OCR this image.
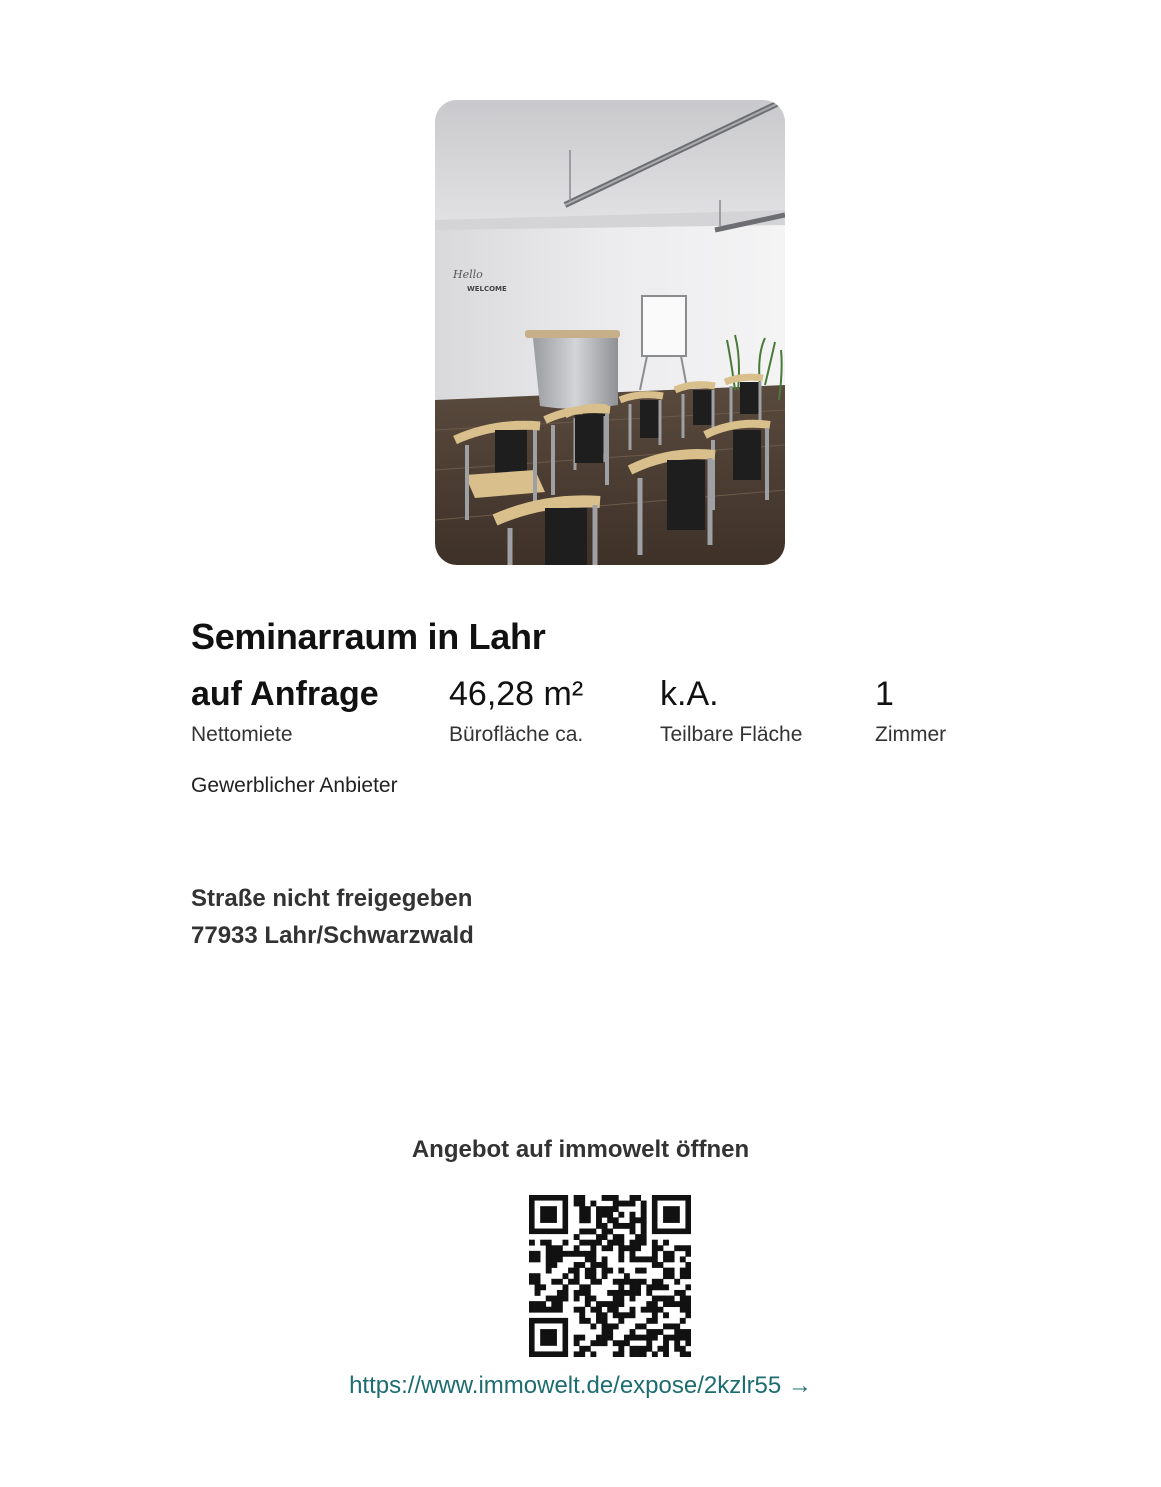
Hello
WELCOME
Seminarraum in Lahr
auf Anfrage
Nettomiete
46,28 m²
Bürofläche ca.
k.A.
Teilbare Fläche
1
Zimmer
Gewerblicher Anbieter
Straße nicht freigegeben
77933 Lahr/Schwarzwald
Angebot auf immowelt öffnen
https://www.immowelt.de/expose/2kzlr55 →
